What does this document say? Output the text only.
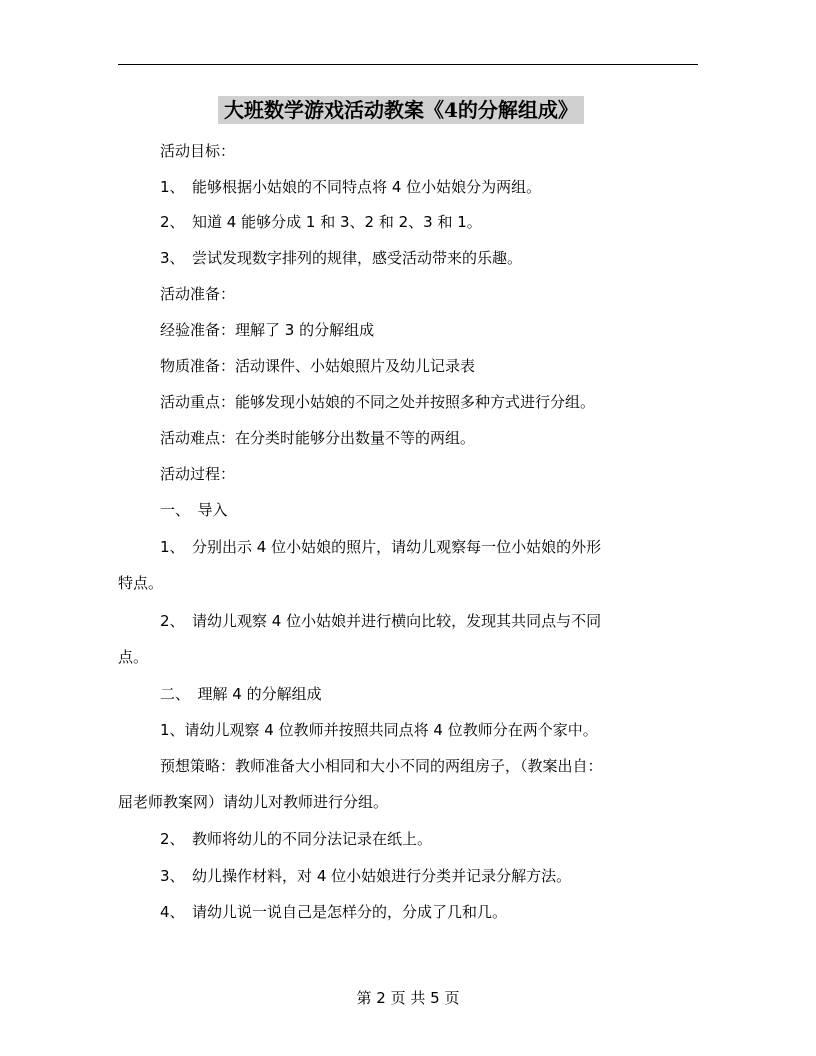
大班数学游戏活动教案《4的分解组成》
活动目标：
1、　能够根据小姑娘的不同特点将 4 位小姑娘分为两组。
2、　知道 4 能够分成 1 和 3、2 和 2、3 和 1。
3、　尝试发现数字排列的规律，感受活动带来的乐趣。
活动准备：
经验准备：理解了 3 的分解组成
物质准备：活动课件、小姑娘照片及幼儿记录表
活动重点：能够发现小姑娘的不同之处并按照多种方式进行分组。
活动难点：在分类时能够分出数量不等的两组。
活动过程：
一、　导入
1、　分别出示 4 位小姑娘的照片，请幼儿观察每一位小姑娘的外形
特点。
2、　请幼儿观察 4 位小姑娘并进行横向比较，发现其共同点与不同
点。
二、　理解 4 的分解组成
1、请幼儿观察 4 位教师并按照共同点将 4 位教师分在两个家中。
预想策略：教师准备大小相同和大小不同的两组房子，（教案出自：
屈老师教案网）请幼儿对教师进行分组。
2、　教师将幼儿的不同分法记录在纸上。
3、　幼儿操作材料，对 4 位小姑娘进行分类并记录分解方法。
4、　请幼儿说一说自己是怎样分的，分成了几和几。
第 2 页 共 5 页
